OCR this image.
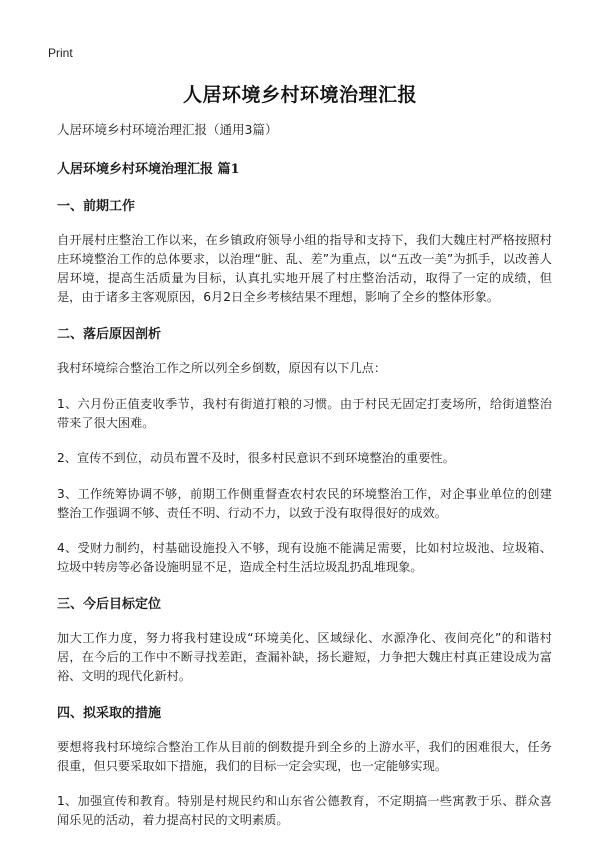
Print
人居环境乡村环境治理汇报

人居环境乡村环境治理汇报（通用3篇）

人居环境乡村环境治理汇报 篇1
一、前期工作

自开展村庄整治工作以来，在乡镇政府领导小组的指导和支持下，我们大魏庄村严格按照村庄环境整治工作的总体要求，以治理“脏、乱、差”为重点，以“五改一美”为抓手，以改善人居环境，提高生活质量为目标，认真扎实地开展了村庄整治活动，取得了一定的成绩，但是，由于诸多主客观原因，6月2日全乡考核结果不理想，影响了全乡的整体形象。

二、落后原因剖析

我村环境综合整治工作之所以列全乡倒数，原因有以下几点：

1、六月份正值麦收季节，我村有街道打粮的习惯。由于村民无固定打麦场所，给街道整治带来了很大困难。

2、宣传不到位，动员布置不及时，很多村民意识不到环境整治的重要性。

3、工作统筹协调不够，前期工作侧重督查农村农民的环境整治工作，对企事业单位的创建整治工作强调不够、责任不明、行动不力，以致于没有取得很好的成效。

4、受财力制约，村基础设施投入不够，现有设施不能满足需要，比如村垃圾池、垃圾箱、垃圾中转房等必备设施明显不足，造成全村生活垃圾乱扔乱堆现象。

三、今后目标定位

加大工作力度，努力将我村建设成“环境美化、区域绿化、水源净化、夜间亮化”的和谐村居，在今后的工作中不断寻找差距，查漏补缺，扬长避短，力争把大魏庄村真正建设成为富裕、文明的现代化新村。

四、拟采取的措施

要想将我村环境综合整治工作从目前的倒数提升到全乡的上游水平，我们的困难很大，任务很重，但只要采取如下措施，我们的目标一定会实现，也一定能够实现。

1、加强宣传和教育。特别是村规民约和山东省公德教育，不定期搞一些寓教于乐、群众喜闻乐见的活动，着力提高村民的文明素质。
